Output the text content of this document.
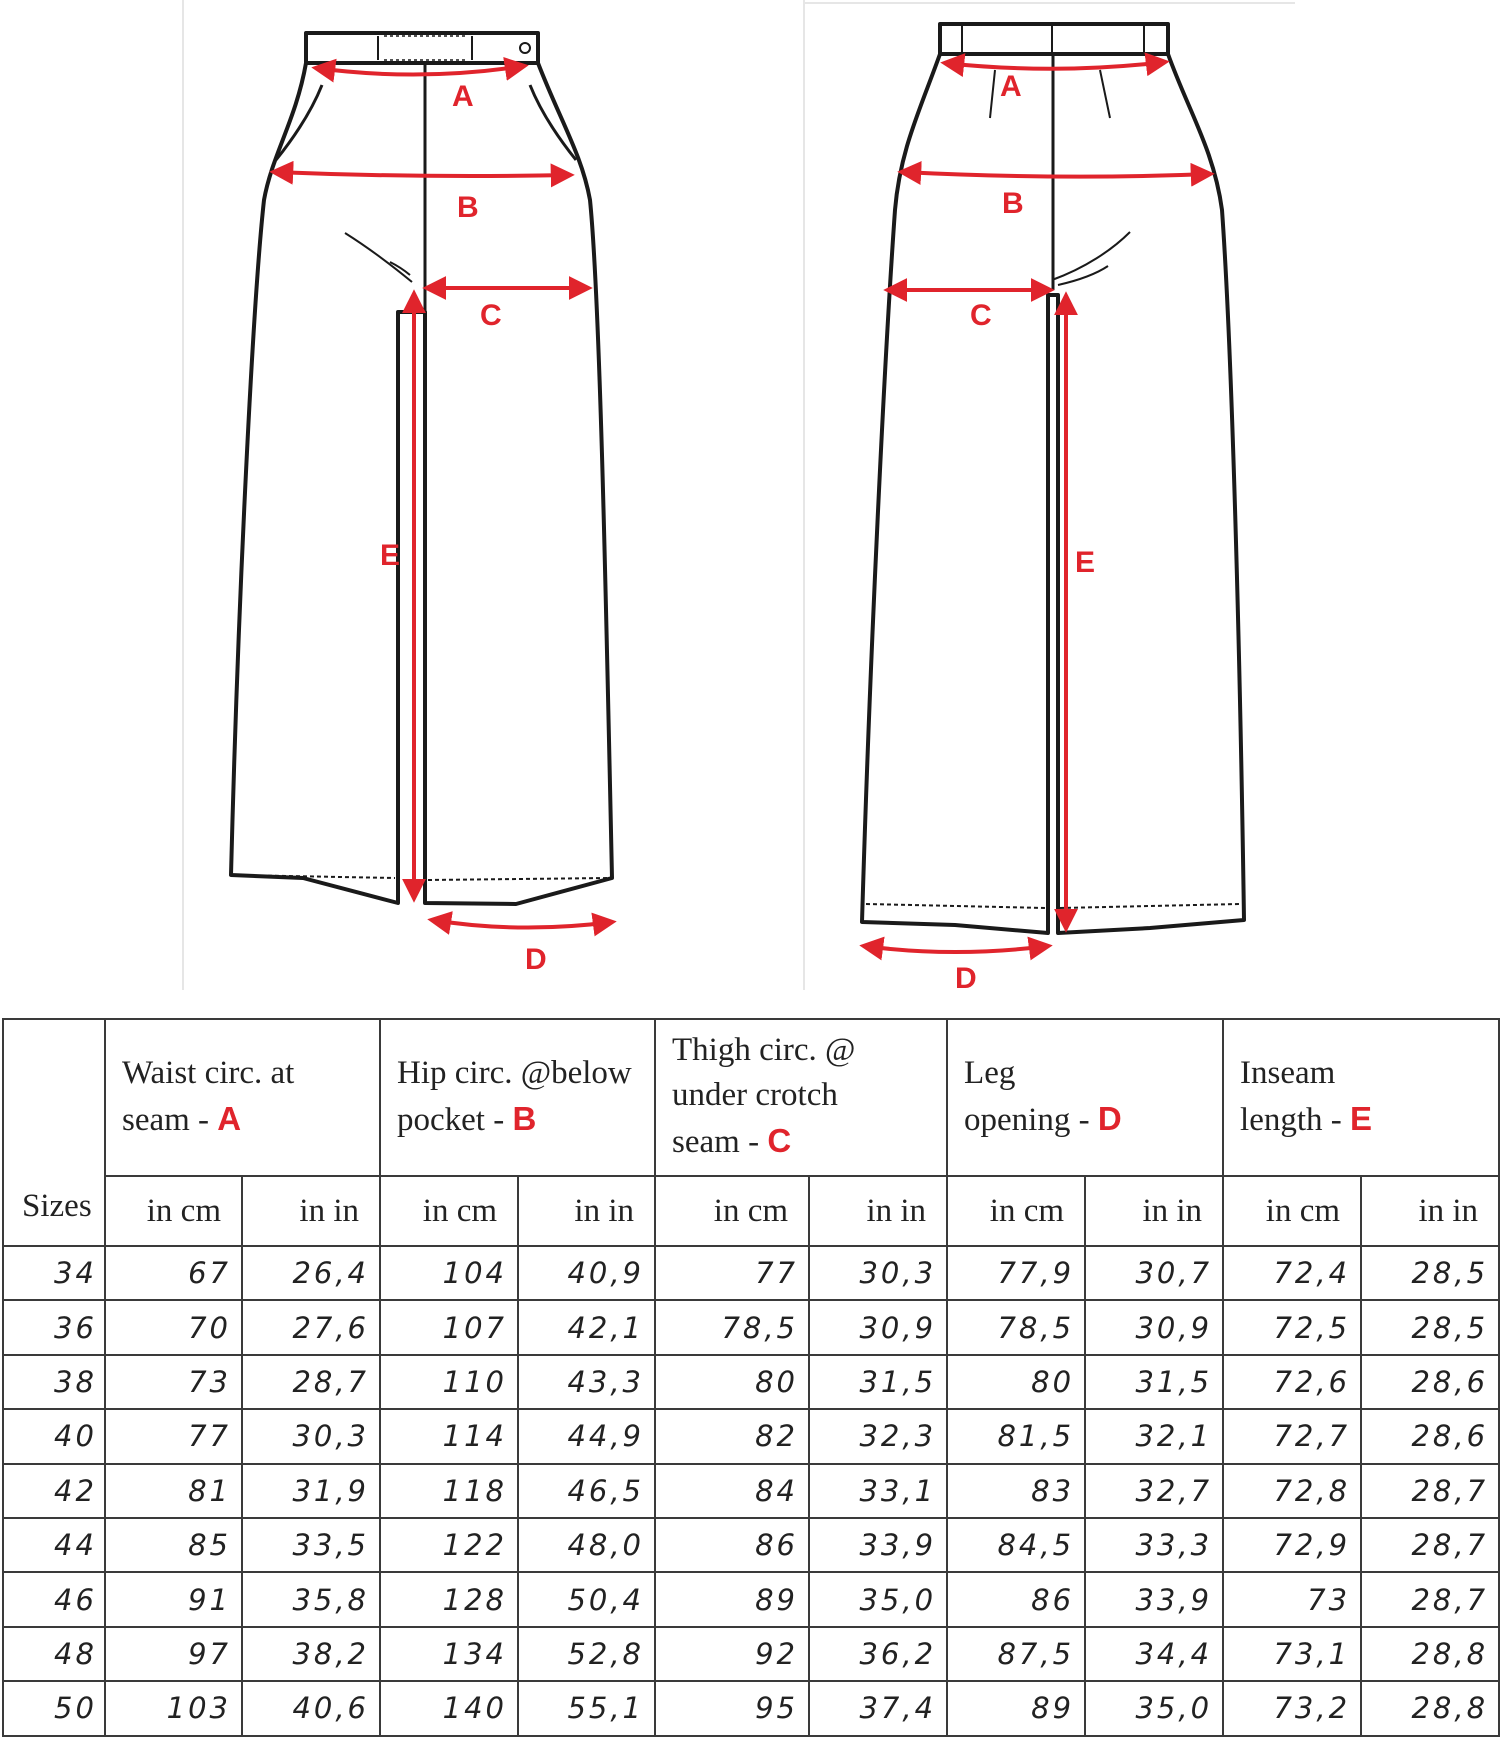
A
B
C
E
D
A
B
C
E
D
Sizes	Waist circ. at
seam - A		Hip circ. @below
pocket - B		Thigh circ. @
under crotch
seam - C		Leg
opening - D		Inseam
length - E	
	in cm	in in	in cm	in in	in cm	in in	in cm	in in	in cm	in in
34	67	26,4	104	40,9	77	30,3	77,9	30,7	72,4	28,5
36	70	27,6	107	42,1	78,5	30,9	78,5	30,9	72,5	28,5
38	73	28,7	110	43,3	80	31,5	80	31,5	72,6	28,6
40	77	30,3	114	44,9	82	32,3	81,5	32,1	72,7	28,6
42	81	31,9	118	46,5	84	33,1	83	32,7	72,8	28,7
44	85	33,5	122	48,0	86	33,9	84,5	33,3	72,9	28,7
46	91	35,8	128	50,4	89	35,0	86	33,9	73	28,7
48	97	38,2	134	52,8	92	36,2	87,5	34,4	73,1	28,8
50	103	40,6	140	55,1	95	37,4	89	35,0	73,2	28,8
